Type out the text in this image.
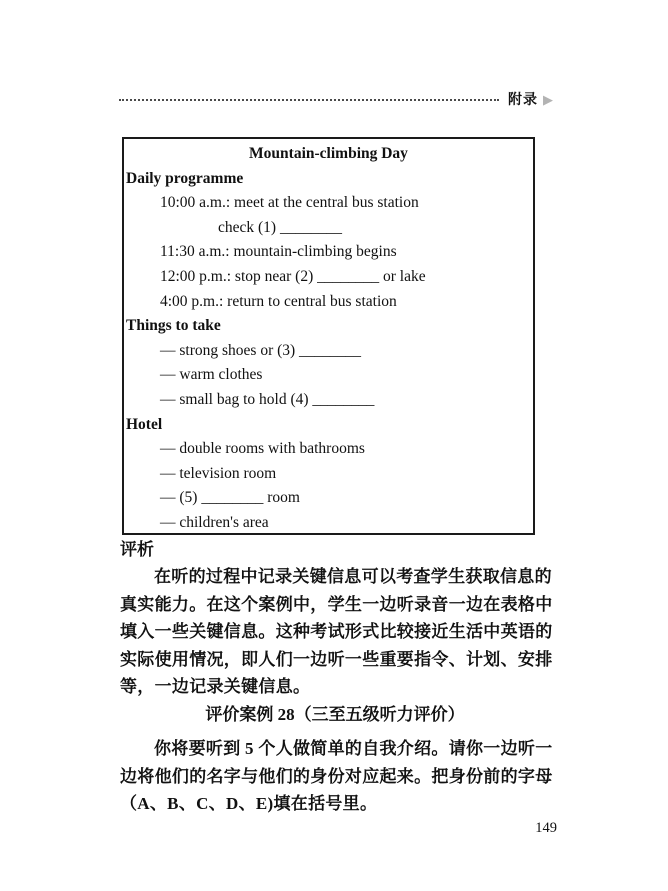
附录 ▶
Mountain-climbing Day
Daily programme
10:00 a.m.: meet at the central bus station
check (1) ________
11:30 a.m.: mountain-climbing begins
12:00 p.m.: stop near (2) ________ or lake
4:00 p.m.: return to central bus station
Things to take
— strong shoes or (3) ________
— warm clothes
— small bag to hold (4) ________
Hotel
— double rooms with bathrooms
— television room
— (5) ________ room
— children's area
评析
在听的过程中记录关键信息可以考查学生获取信息的
真实能力。在这个案例中，学生一边听录音一边在表格中
填入一些关键信息。这种考试形式比较接近生活中英语的
实际使用情况，即人们一边听一些重要指令、计划、安排
等，一边记录关键信息。
评价案例 28（三至五级听力评价）
你将要听到 5 个人做简单的自我介绍。请你一边听一
边将他们的名字与他们的身份对应起来。把身份前的字母
（A、B、C、D、E)填在括号里。
149
